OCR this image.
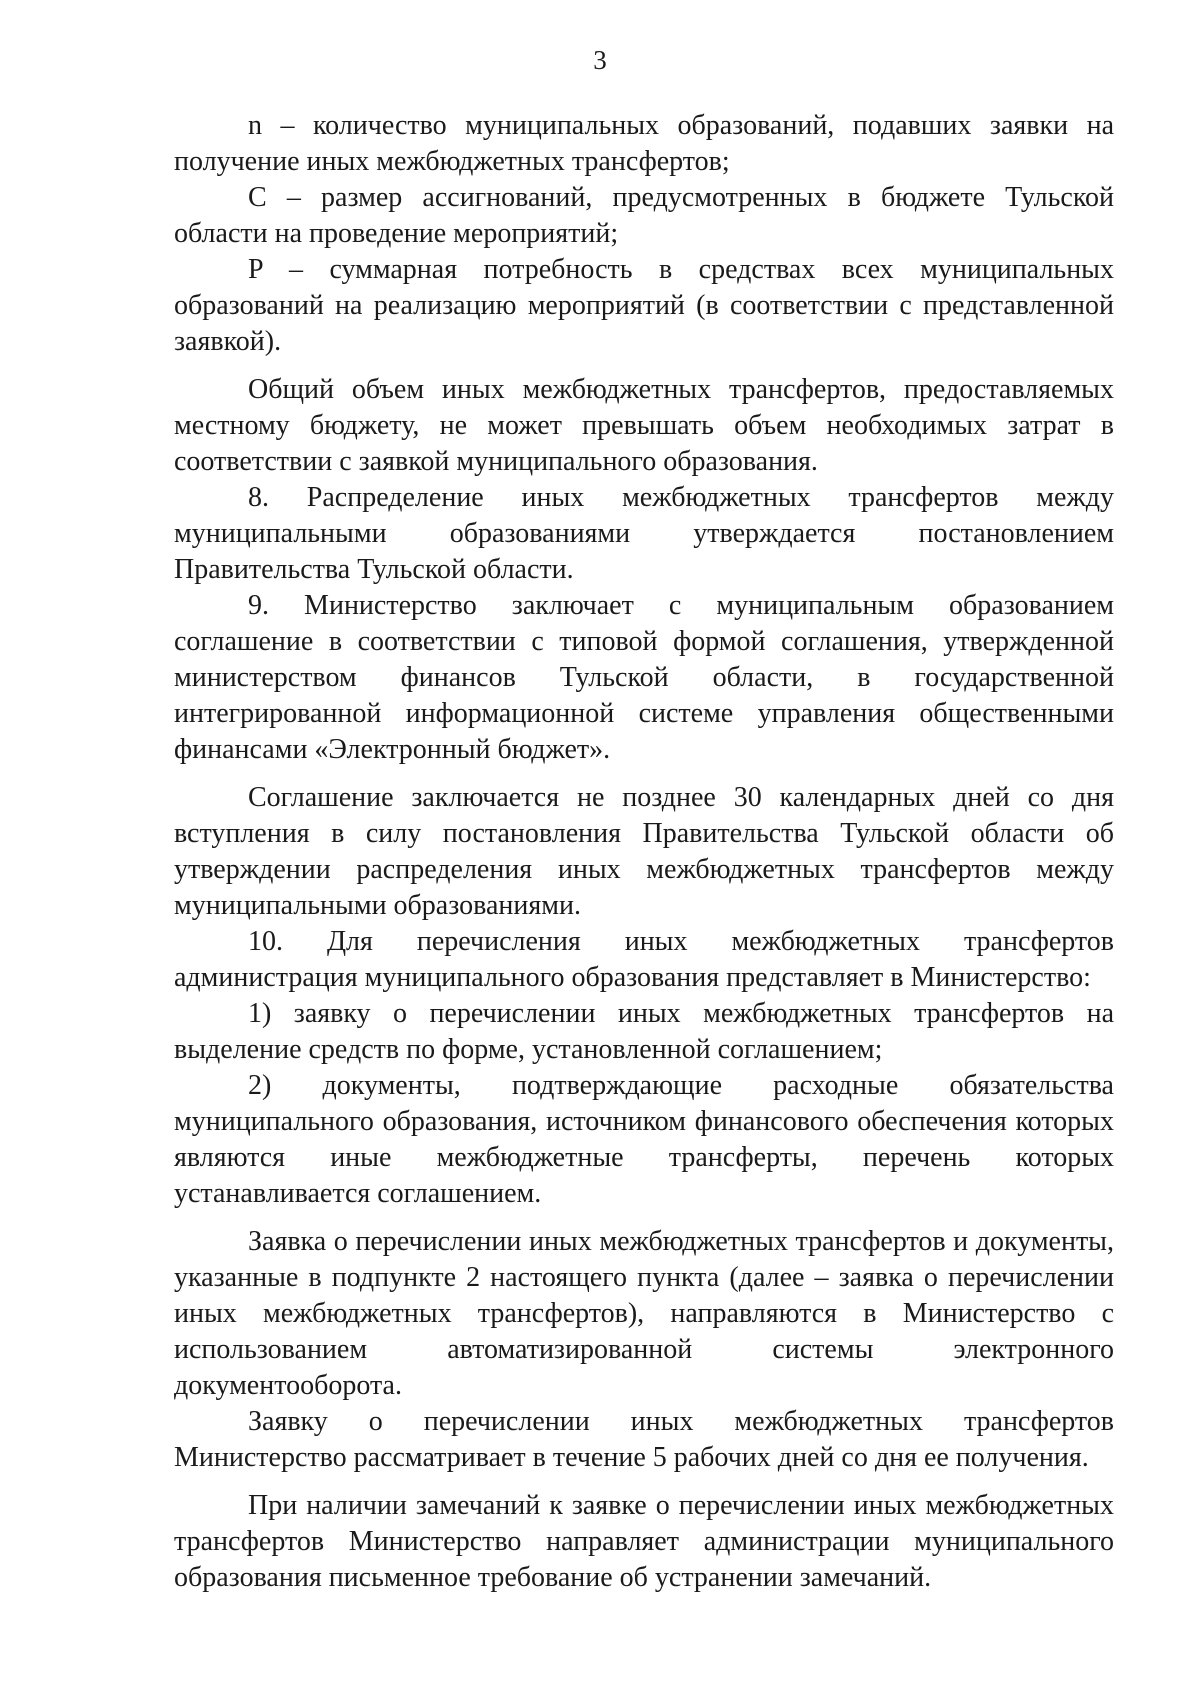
3

n – количество муниципальных образований, подавших заявки на получение иных межбюджетных трансфертов;

C – размер ассигнований, предусмотренных в бюджете Тульской области на проведение мероприятий;

P – суммарная потребность в средствах всех муниципальных образований на реализацию мероприятий (в соответствии с представленной заявкой).

Общий объем иных межбюджетных трансфертов, предоставляемых местному бюджету, не может превышать объем необходимых затрат в соответствии с заявкой муниципального образования.

8. Распределение иных межбюджетных трансфертов между муниципальными образованиями утверждается постановлением Правительства Тульской области.

9. Министерство заключает с муниципальным образованием соглашение в соответствии с типовой формой соглашения, утвержденной министерством финансов Тульской области, в государственной интегрированной информационной системе управления общественными финансами «Электронный бюджет».

Соглашение заключается не позднее 30 календарных дней со дня вступления в силу постановления Правительства Тульской области об утверждении распределения иных межбюджетных трансфертов между муниципальными образованиями.

10. Для перечисления иных межбюджетных трансфертов администрация муниципального образования представляет в Министерство:

1) заявку о перечислении иных межбюджетных трансфертов на выделение средств по форме, установленной соглашением;

2) документы, подтверждающие расходные обязательства муниципального образования, источником финансового обеспечения которых являются иные межбюджетные трансферты, перечень которых устанавливается соглашением.

Заявка о перечислении иных межбюджетных трансфертов и документы, указанные в подпункте 2 настоящего пункта (далее – заявка о перечислении иных межбюджетных трансфертов), направляются в Министерство с использованием автоматизированной системы электронного документооборота.

Заявку о перечислении иных межбюджетных трансфертов Министерство рассматривает в течение 5 рабочих дней со дня ее получения.

При наличии замечаний к заявке о перечислении иных межбюджетных трансфертов Министерство направляет администрации муниципального образования письменное требование об устранении замечаний.
